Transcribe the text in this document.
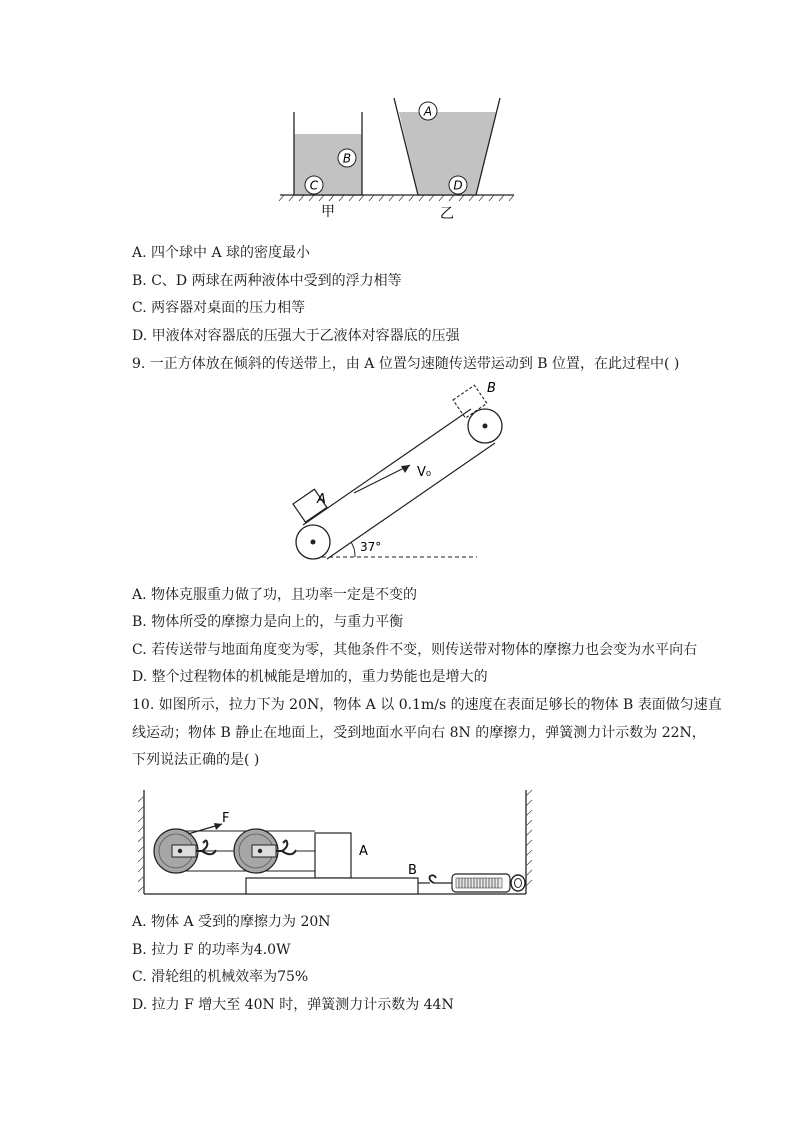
A
B
C	D
甲	乙
A. 四个球中 A 球的密度最小
B. C、D 两球在两种液体中受到的浮力相等
C. 两容器对桌面的压力相等
D. 甲液体对容器底的压强大于乙液体对容器底的压强
9. 一正方体放在倾斜的传送带上，由 A 位置匀速随传送带运动到 B 位置，在此过程中( )
V₀
A
B
37°
A. 物体克服重力做了功，且功率一定是不变的
B. 物体所受的摩擦力是向上的，与重力平衡
C. 若传送带与地面角度变为零，其他条件不变，则传送带对物体的摩擦力也会变为水平向右
D. 整个过程物体的机械能是增加的，重力势能也是增大的
10. 如图所示，拉力下为 20N，物体 A 以 0.1m/s 的速度在表面足够长的物体 B 表面做匀速直
线运动；物体 B 静止在地面上，受到地面水平向右 8N 的摩擦力，弹簧测力计示数为 22N，
下列说法正确的是( )
F
A
B
A. 物体 A 受到的摩擦力为 20N
B. 拉力 F 的功率为4.0W
C. 滑轮组的机械效率为75%
D. 拉力 F 增大至 40N 时，弹簧测力计示数为 44N
